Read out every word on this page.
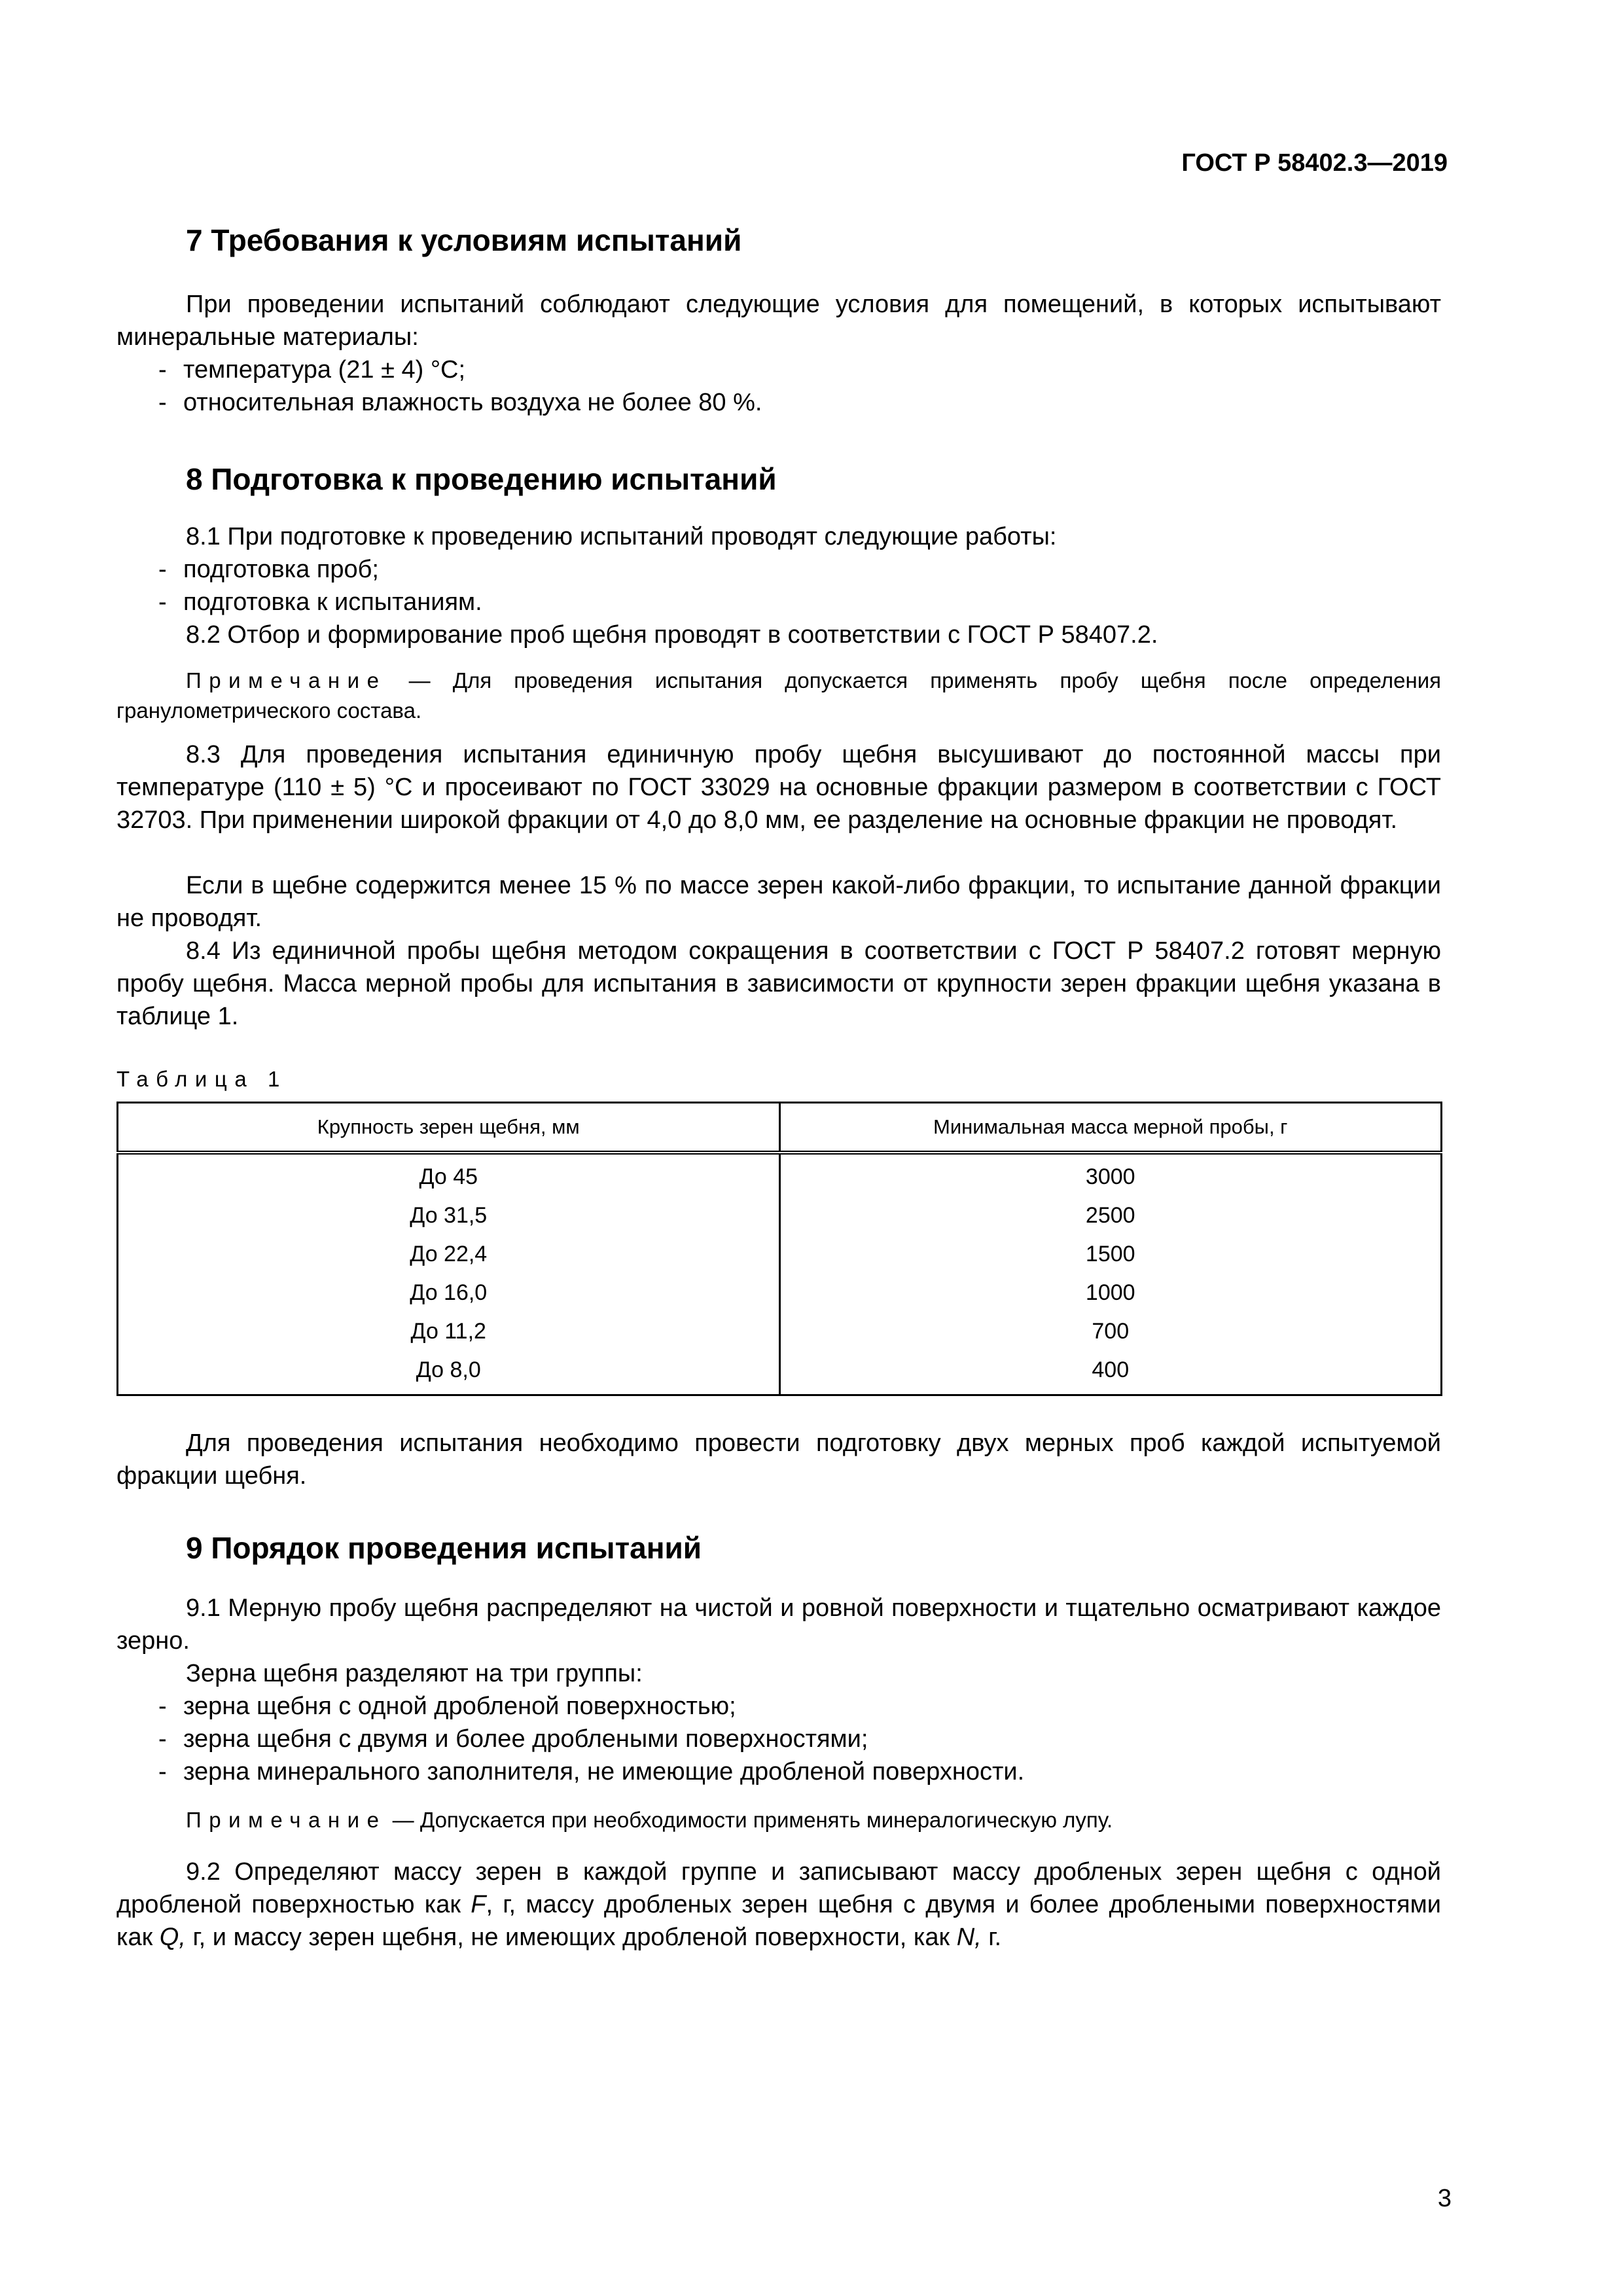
ГОСТ Р 58402.3—2019
7 Требования к условиям испытаний

При проведении испытаний соблюдают следующие условия для помещений, в которых испытывают минеральные материалы:

- температура (21 ± 4) °С;
- относительная влажность воздуха не более 80 %.
8 Подготовка к проведению испытаний

8.1 При подготовке к проведению испытаний проводят следующие работы:

- подготовка проб;
- подготовка к испытаниям.

8.2 Отбор и формирование проб щебня проводят в соответствии с ГОСТ Р 58407.2.

Примечание — Для проведения испытания допускается применять пробу щебня после определения гранулометрического состава.

8.3 Для проведения испытания единичную пробу щебня высушивают до постоянной массы при температуре (110 ± 5) °С и просеивают по ГОСТ 33029 на основные фракции размером в соответствии с ГОСТ 32703. При применении широкой фракции от 4,0 до 8,0 мм, ее разделение на основные фракции не проводят.

Если в щебне содержится менее 15 % по массе зерен какой-либо фракции, то испытание данной фракции не проводят.

8.4 Из единичной пробы щебня методом сокращения в соответствии с ГОСТ Р 58407.2 готовят мерную пробу щебня. Масса мерной пробы для испытания в зависимости от крупности зерен фракции щебня указана в таблице 1.

Таблица 1
Крупность зерен щебня, мм	Минимальная масса мерной пробы, г
До 45	3000
До 31,5	2500
До 22,4	1500
До 16,0	1000
До 11,2	700
До 8,0	400

Для проведения испытания необходимо провести подготовку двух мерных проб каждой испытуемой фракции щебня.

9 Порядок проведения испытаний

9.1 Мерную пробу щебня распределяют на чистой и ровной поверхности и тщательно осматривают каждое зерно.

Зерна щебня разделяют на три группы:

- зерна щебня с одной дробленой поверхностью;
- зерна щебня с двумя и более дроблеными поверхностями;
- зерна минерального заполнителя, не имеющие дробленой поверхности.

Примечание — Допускается при необходимости применять минералогическую лупу.

9.2 Определяют массу зерен в каждой группе и записывают массу дробленых зерен щебня с одной дробленой поверхностью как F, г, массу дробленых зерен щебня с двумя и более дроблеными поверхностями как Q, г, и массу зерен щебня, не имеющих дробленой поверхности, как N, г.

3
